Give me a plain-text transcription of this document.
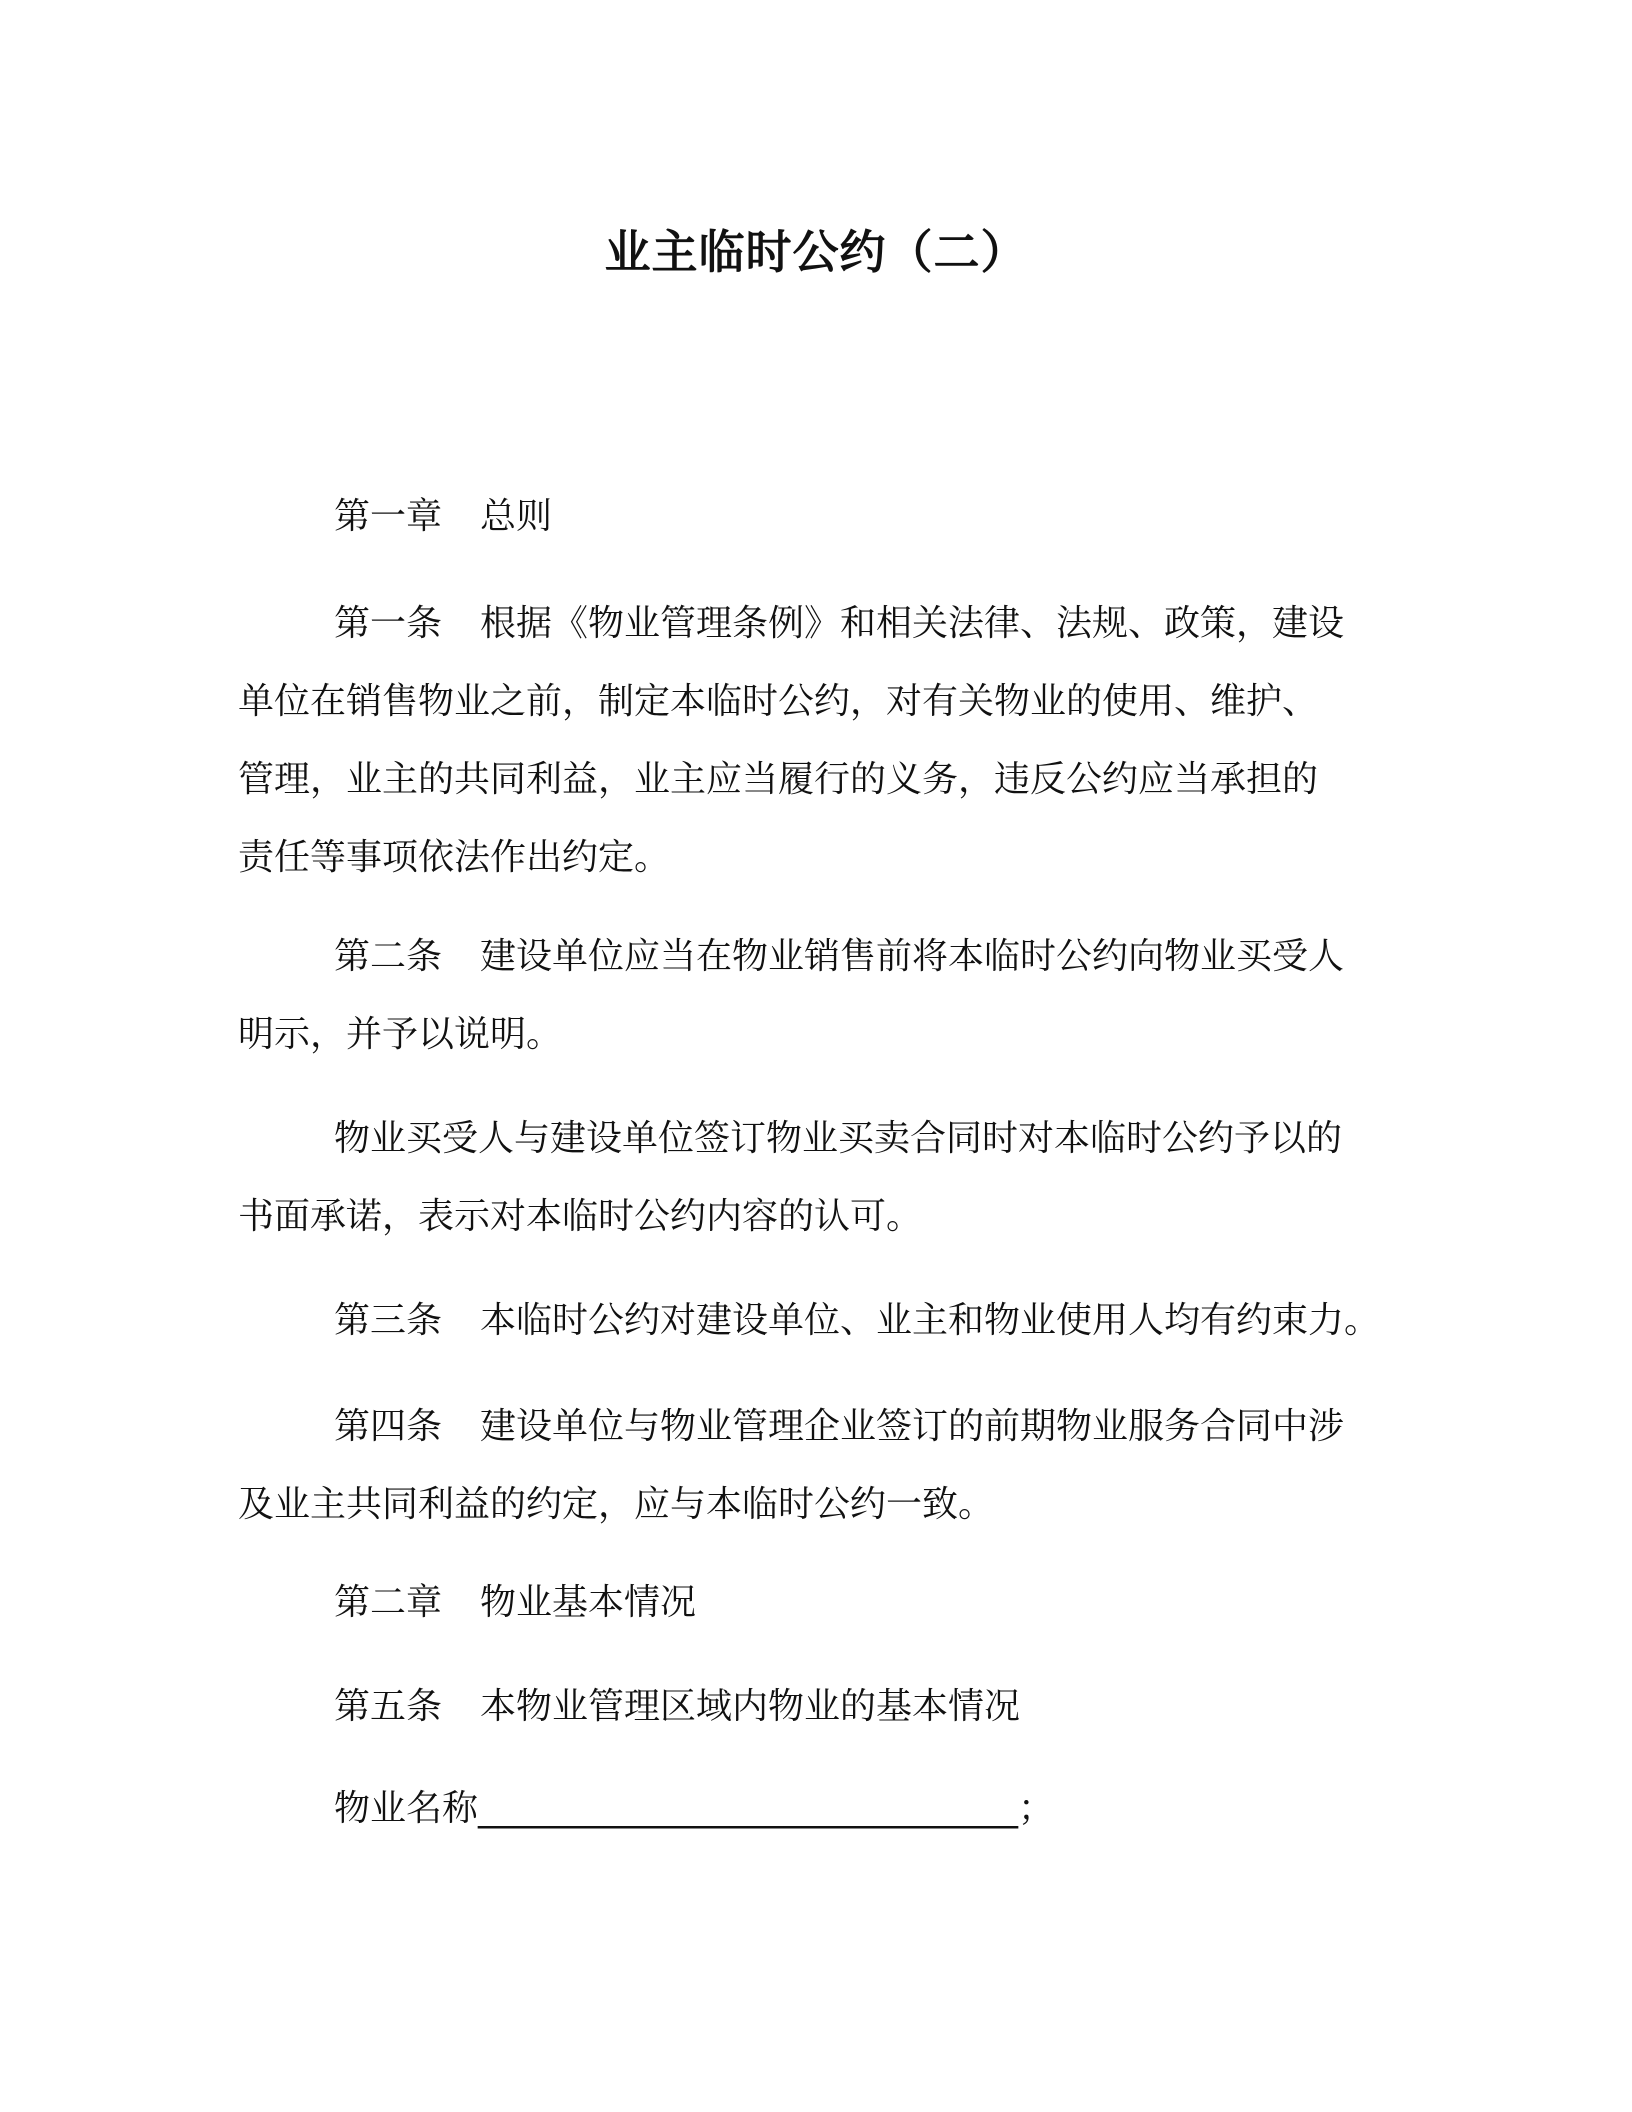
业主临时公约（二）
第一章 总则
第一条 根据《物业管理条例》和相关法律、法规、政策，建设
单位在销售物业之前，制定本临时公约，对有关物业的使用、维护、
管理，业主的共同利益，业主应当履行的义务，违反公约应当承担的
责任等事项依法作出约定。
第二条 建设单位应当在物业销售前将本临时公约向物业买受人
明示，并予以说明。
物业买受人与建设单位签订物业买卖合同时对本临时公约予以的
书面承诺，表示对本临时公约内容的认可。
第三条 本临时公约对建设单位、业主和物业使用人均有约束力。
第四条 建设单位与物业管理企业签订的前期物业服务合同中涉
及业主共同利益的约定，应与本临时公约一致。
第二章 物业基本情况
第五条 本物业管理区域内物业的基本情况
物业名称______________________________；
